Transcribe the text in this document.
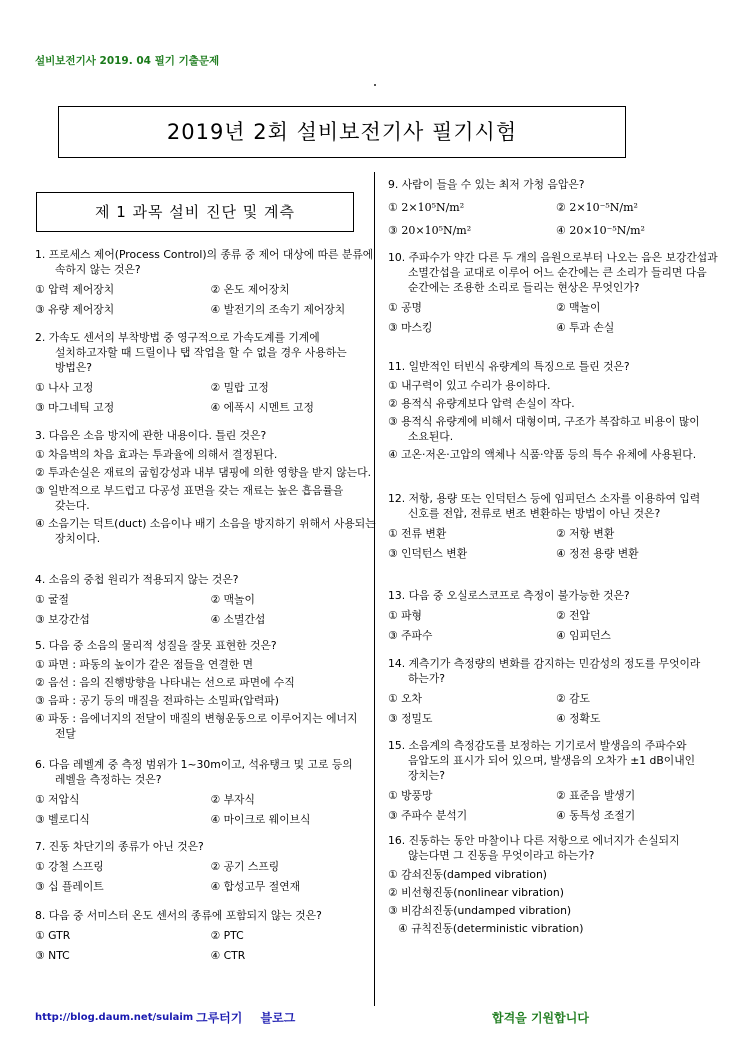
설비보전기사 2019. 04 필기 기출문제
2019년 2회 설비보전기사 필기시험
제 1 과목 설비 진단 및 계측
1. 프로세스 제어(Process Control)의 종류 중 제어 대상에 따른 분류에 속하지 않는 것은?
① 압력 제어장치	② 온도 제어장치
③ 유량 제어장치	④ 발전기의 조속기 제어장치
2. 가속도 센서의 부착방법 중 영구적으로 가속도계를 기계에 설치하고자할 때 드릴이나 탭 작업을 할 수 없을 경우 사용하는 방법은?
① 나사 고정	② 밀랍 고정
③ 마그네틱 고정	④ 에폭시 시멘트 고정
3. 다음은 소음 방지에 관한 내용이다. 틀린 것은?
① 차음벽의 차음 효과는 투과율에 의해서 결정된다.
② 투과손실은 재료의 굽힘강성과 내부 댐핑에 의한 영향을 받지 않는다.
③ 일반적으로 부드럽고 다공성 표면을 갖는 재료는 높은 흡음률을 갖는다.
④ 소음기는 덕트(duct) 소음이나 배기 소음을 방지하기 위해서 사용되는 장치이다.
4. 소음의 중첩 원리가 적용되지 않는 것은?
① 굴절	② 맥놀이
③ 보강간섭	④ 소멸간섭
5. 다음 중 소음의 물리적 성질을 잘못 표현한 것은?
① 파면 : 파동의 높이가 같은 점들을 연결한 면
② 음선 : 음의 진행방향을 나타내는 선으로 파면에 수직
③ 음파 : 공기 등의 매질을 전파하는 소밀파(압력파)
④ 파동 : 음에너지의 전달이 매질의 변형운동으로 이루어지는 에너지 전달
6. 다음 레벨계 중 측정 범위가 1~30m이고, 석유탱크 및 고로 등의 레벨을 측정하는 것은?
① 저압식	② 부자식
③ 벨로디식	④ 마이크로 웨이브식
7. 진동 차단기의 종류가 아닌 것은?
① 강철 스프링	② 공기 스프링
③ 십 플레이트	④ 합성고무 절연재
8. 다음 중 서미스터 온도 센서의 종류에 포함되지 않는 것은?
① GTR	② PTC
③ NTC	④ CTR
9. 사람이 들을 수 있는 최저 가청 음압은?
① 2×10⁵N/m²	② 2×10⁻⁵N/m²
③ 20×10⁵N/m²	④ 20×10⁻⁵N/m²
10. 주파수가 약간 다른 두 개의 음원으로부터 나오는 음은 보강간섭과 소멸간섭을 교대로 이루어 어느 순간에는 큰 소리가 들리면 다음 순간에는 조용한 소리로 들리는 현상은 무엇인가?
① 공명	② 맥놀이
③ 마스킹	④ 투과 손실
11. 일반적인 터빈식 유량계의 특징으로 틀린 것은?
① 내구력이 있고 수리가 용이하다.
② 용적식 유량계보다 압력 손실이 작다.
③ 용적식 유량계에 비해서 대형이며, 구조가 복잡하고 비용이 많이 소요된다.
④ 고온·저온·고압의 액체나 식품·약품 등의 특수 유체에 사용된다.
12. 저항, 용량 또는 인덕턴스 등에 임피던스 소자를 이용하여 입력 신호를 전압, 전류로 변조 변환하는 방법이 아닌 것은?
① 전류 변환	② 저항 변환
③ 인덕턴스 변환	④ 정전 용량 변환
13. 다음 중 오실로스코프로 측정이 불가능한 것은?
① 파형	② 전압
③ 주파수	④ 임피던스
14. 계측기가 측정량의 변화를 감지하는 민감성의 정도를 무엇이라 하는가?
① 오차	② 감도
③ 정밀도	④ 정확도
15. 소음계의 측정감도를 보정하는 기기로서 발생음의 주파수와 음압도의 표시가 되어 있으며, 발생음의 오차가 ±1 dB이내인 장치는?
① 방풍망	② 표준음 발생기
③ 주파수 분석기	④ 동특성 조절기
16. 진동하는 동안 마찰이나 다른 저항으로 에너지가 손실되지 않는다면 그 진동을 무엇이라고 하는가?
① 감쇠진동(damped vibration)
② 비선형진동(nonlinear vibration)
③ 비감쇠진동(undamped vibration)
④ 규칙진동(deterministic vibration)
http://blog.daum.net/sulaim 그루터기 블로그	합격을 기원합니다
